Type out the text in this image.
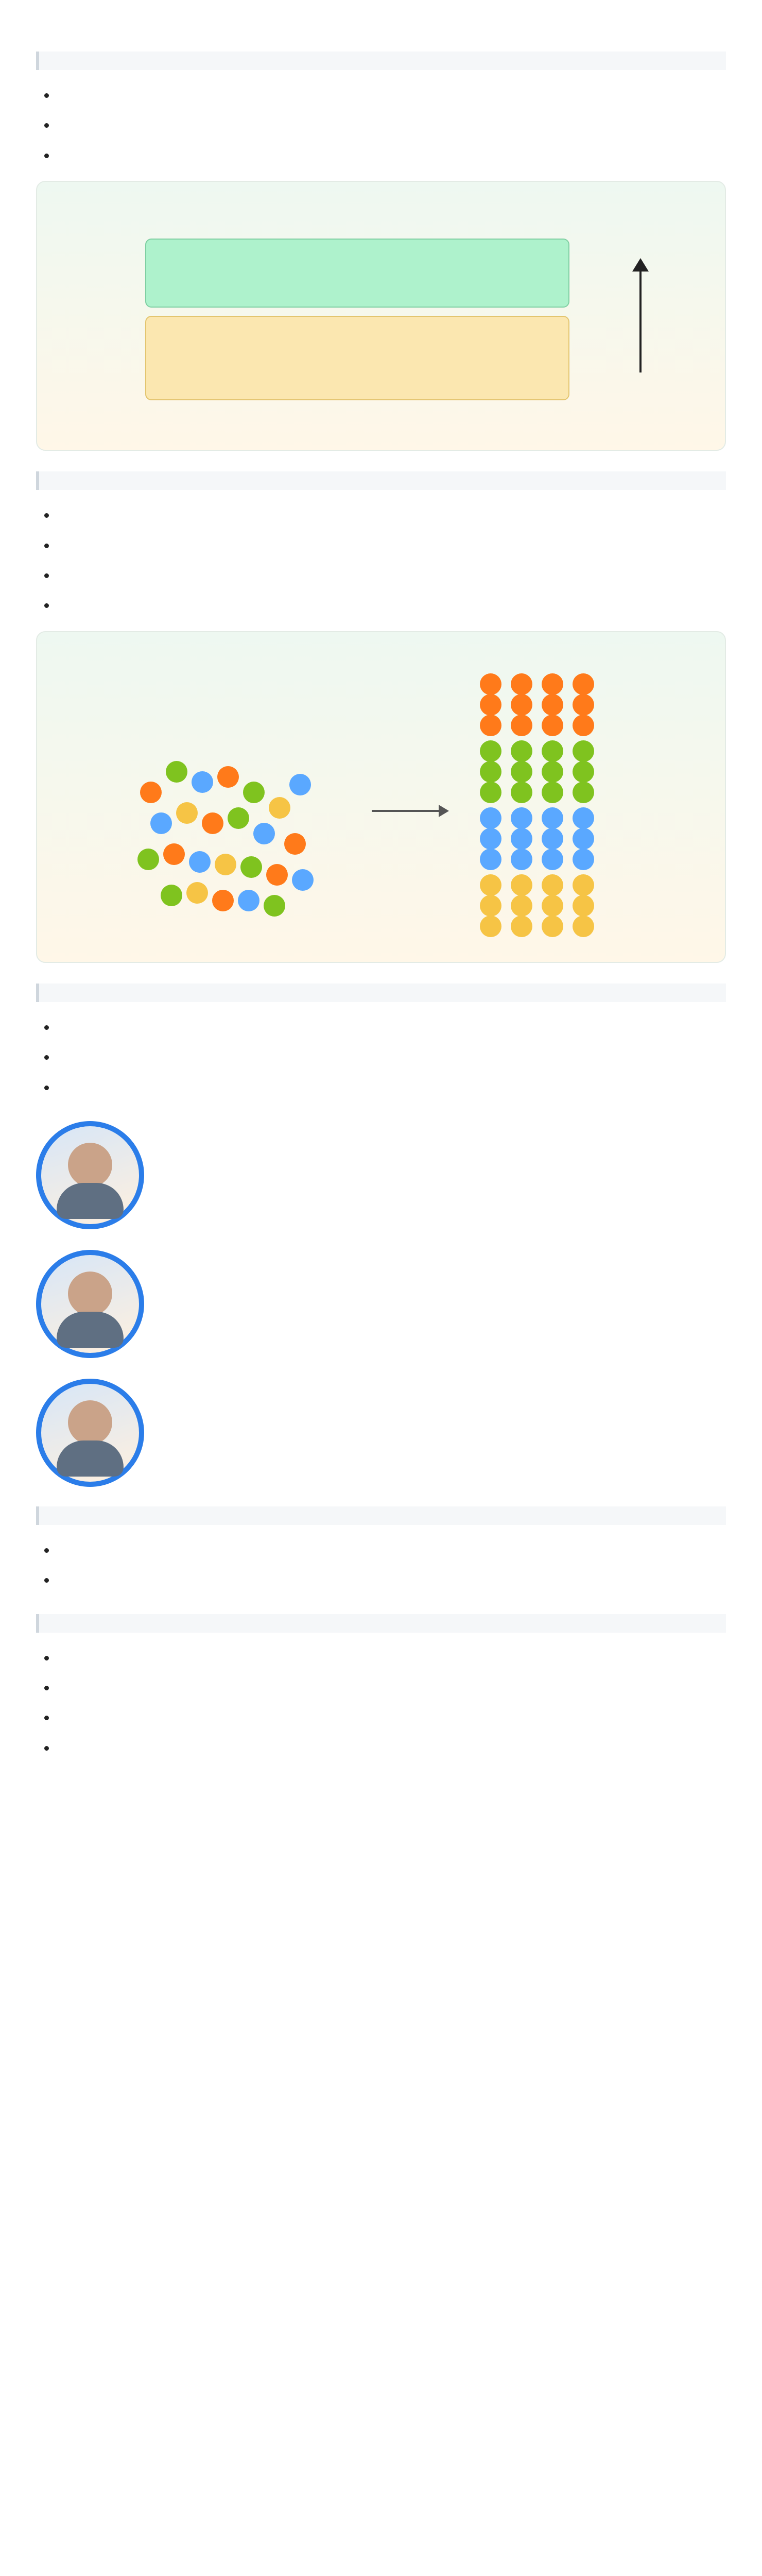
•
•
•

•
•
•
•

•
•
•

•
•

•
•
•
•
